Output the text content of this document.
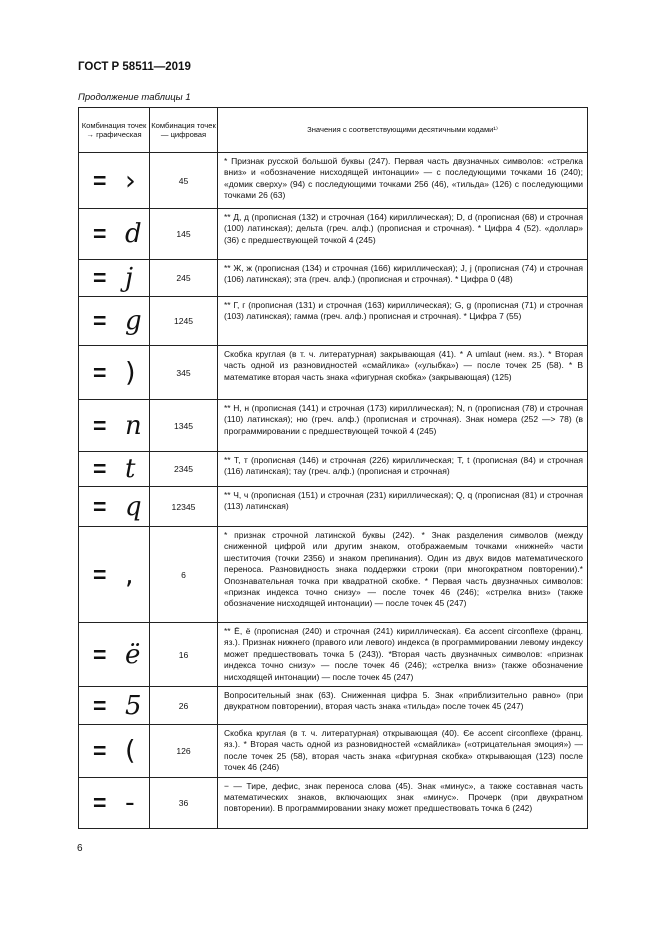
ГОСТ Р 58511—2019
Продолжение таблицы 1
Комбинация точек → графическая	Комбинация точек — цифровая	Значения с соответствующими десятичными кодами¹⁾

= ›	45	* Признак русской большой буквы (247). Первая часть двузначных символов: «стрелка вниз» и «обозначение нисходящей интонации» — с последующими точками 16 (240); «домик сверху» (94) с последующими точками 256 (46), «тильда» (126) с последующими точками 26 (63)

= d	145	** Д, д (прописная (132) и строчная (164) кириллическая); D, d (прописная (68) и строчная (100) латинская); дельта (греч. алф.) (прописная и строчная). * Цифра 4 (52). «доллар» (36) с предшествующей точкой 4 (245)

= j	245	** Ж, ж (прописная (134) и строчная (166) кириллическая); J, j (прописная (74) и строчная (106) латинская); эта (греч. алф.) (прописная и строчная). * Цифра 0 (48)

= g	1245	** Г, г (прописная (131) и строчная (163) кириллическая); G, g (прописная (71) и строчная (103) латинская); гамма (греч. алф.) прописная и строчная). * Цифра 7 (55)

= )	345	Скобка круглая (в т. ч. литературная) закрывающая (41). * A umlaut (нем. яз.). * Вторая часть одной из разновидностей «смайлика» («улыбка») — после точек 25 (58). * В математике вторая часть знака «фигурная скобка» (закрывающая) (125)

= n	1345	** Н, н (прописная (141) и строчная (173) кириллическая); N, n (прописная (78) и строчная (110) латинская); ню (греч. алф.) (прописная и строчная). Знак номера (252 —> 78) (в программировании с предшествующей точкой 4 (245)

= t	2345	** Т, т (прописная (146) и строчная (226) кириллическая; T, t (прописная (84) и строчная (116) латинская); тау (греч. алф.) (прописная и строчная)

= q	12345	** Ч, ч (прописная (151) и строчная (231) кириллическая); Q, q (прописная (81) и строчная (113) латинская)

= ,	6	* признак строчной латинской буквы (242). * Знак разделения символов (между сниженной цифрой или другим знаком, отображаемым точками «нижней» части шеститочия (точки 2356) и знаком препинания). Один из двух видов математического переноса. Разновидность знака поддержки строки (при многократном повторении).* Опознавательная точка при квадратной скобке. * Первая часть двузначных символов: «признак индекса точно снизу» — после точек 46 (246); «стрелка вниз» (также обозначение нисходящей интонации) — после точек 45 (247)

= ë	16	** Ё, ё (прописная (240) и строчная (241) кириллическая). Єa accent circonflexe (франц. яз.). Признак нижнего (правого или левого) индекса (в программировании левому индексу может предшествовать точка 5 (243)). *Вторая часть двузначных символов: «признак индекса точно снизу» — после точек 46 (246); «стрелка вниз» (также обозначение нисходящей интонации) — после точек 45 (247)

= 5	26	Вопросительный знак (63). Сниженная цифра 5. Знак «приблизительно равно» (при двукратном повторении), вторая часть знака «тильда» после точек 45 (247)

= (	126	Скобка круглая (в т. ч. литературная) открывающая (40). Єe accent circonflexe (франц. яз.). * Вторая часть одной из разновидностей «смайлика» («отрицательная эмоция») — после точек 25 (58), вторая часть знака «фигурная скобка» открывающая (123) после точек 46 (246)

= -	36	− — Тире, дефис, знак переноса слова (45). Знак «минус», а также составная часть математических знаков, включающих знак «минус». Прочерк (при двукратном повторении). В программировании знаку может предшествовать точка 6 (242)
6
